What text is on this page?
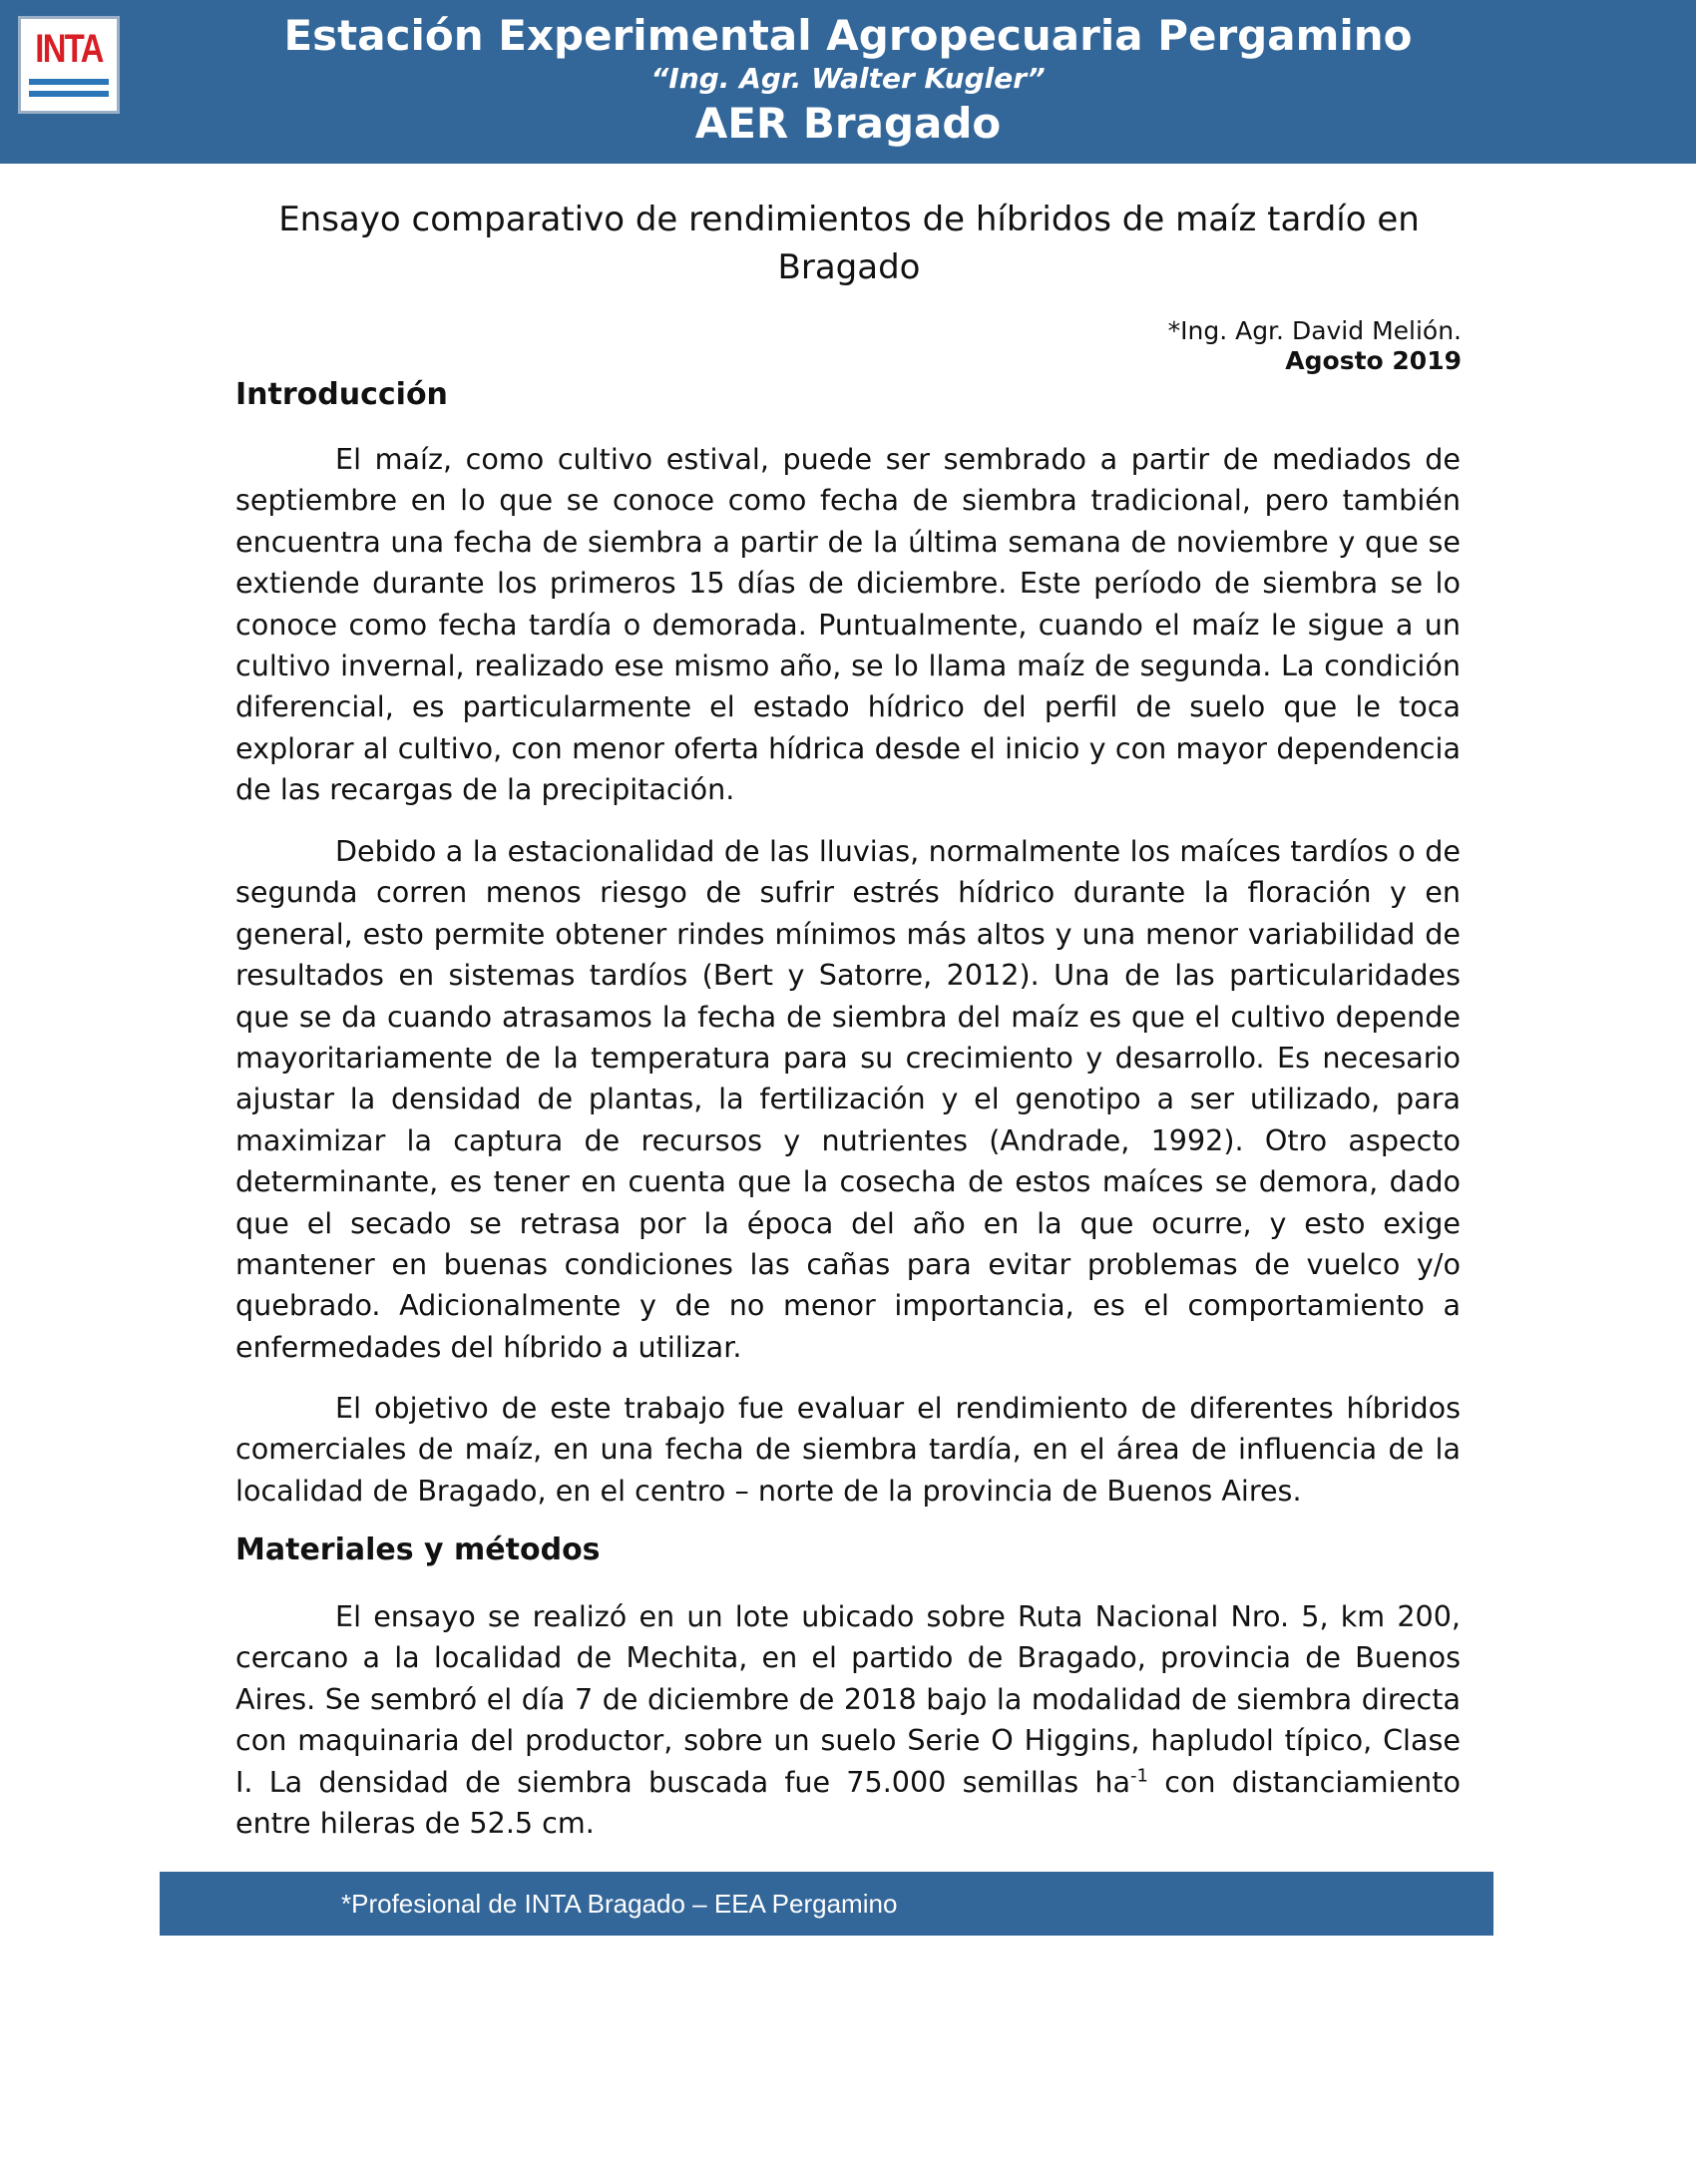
INTA	Estación Experimental Agropecuaria Pergamino
“Ing. Agr. Walter Kugler”
AER Bragado
Ensayo comparativo de rendimientos de híbridos de maíz tardío en Bragado
*Ing. Agr. David Melión.
Agosto 2019
Introducción

El maíz, como cultivo estival, puede ser sembrado a partir de mediados de septiembre en lo que se conoce como fecha de siembra tradicional, pero también encuentra una fecha de siembra a partir de la última semana de noviembre y que se extiende durante los primeros 15 días de diciembre. Este período de siembra se lo conoce como fecha tardía o demorada. Puntualmente, cuando el maíz le sigue a un cultivo invernal, realizado ese mismo año, se lo llama maíz de segunda. La condición diferencial, es particularmente el estado hídrico del perfil de suelo que le toca explorar al cultivo, con menor oferta hídrica desde el inicio y con mayor dependencia de las recargas de la precipitación.

Debido a la estacionalidad de las lluvias, normalmente los maíces tardíos o de segunda corren menos riesgo de sufrir estrés hídrico durante la floración y en general, esto permite obtener rindes mínimos más altos y una menor variabilidad de resultados en sistemas tardíos (Bert y Satorre, 2012). Una de las particularidades que se da cuando atrasamos la fecha de siembra del maíz es que el cultivo depende mayoritariamente de la temperatura para su crecimiento y desarrollo. Es necesario ajustar la densidad de plantas, la fertilización y el genotipo a ser utilizado, para maximizar la captura de recursos y nutrientes (Andrade, 1992). Otro aspecto determinante, es tener en cuenta que la cosecha de estos maíces se demora, dado que el secado se retrasa por la época del año en la que ocurre, y esto exige mantener en buenas condiciones las cañas para evitar problemas de vuelco y/o quebrado. Adicionalmente y de no menor importancia, es el comportamiento a enfermedades del híbrido a utilizar.

El objetivo de este trabajo fue evaluar el rendimiento de diferentes híbridos comerciales de maíz, en una fecha de siembra tardía, en el área de influencia de la localidad de Bragado, en el centro – norte de la provincia de Buenos Aires.

Materiales y métodos

El ensayo se realizó en un lote ubicado sobre Ruta Nacional Nro. 5, km 200, cercano a la localidad de Mechita, en el partido de Bragado, provincia de Buenos Aires. Se sembró el día 7 de diciembre de 2018 bajo la modalidad de siembra directa con maquinaria del productor, sobre un suelo Serie O Higgins, hapludol típico, Clase I. La densidad de siembra buscada fue 75.000 semillas $ha^{-1}$ con distanciamiento entre hileras de 52.5 cm.

*Profesional de INTA Bragado – EEA Pergamino
